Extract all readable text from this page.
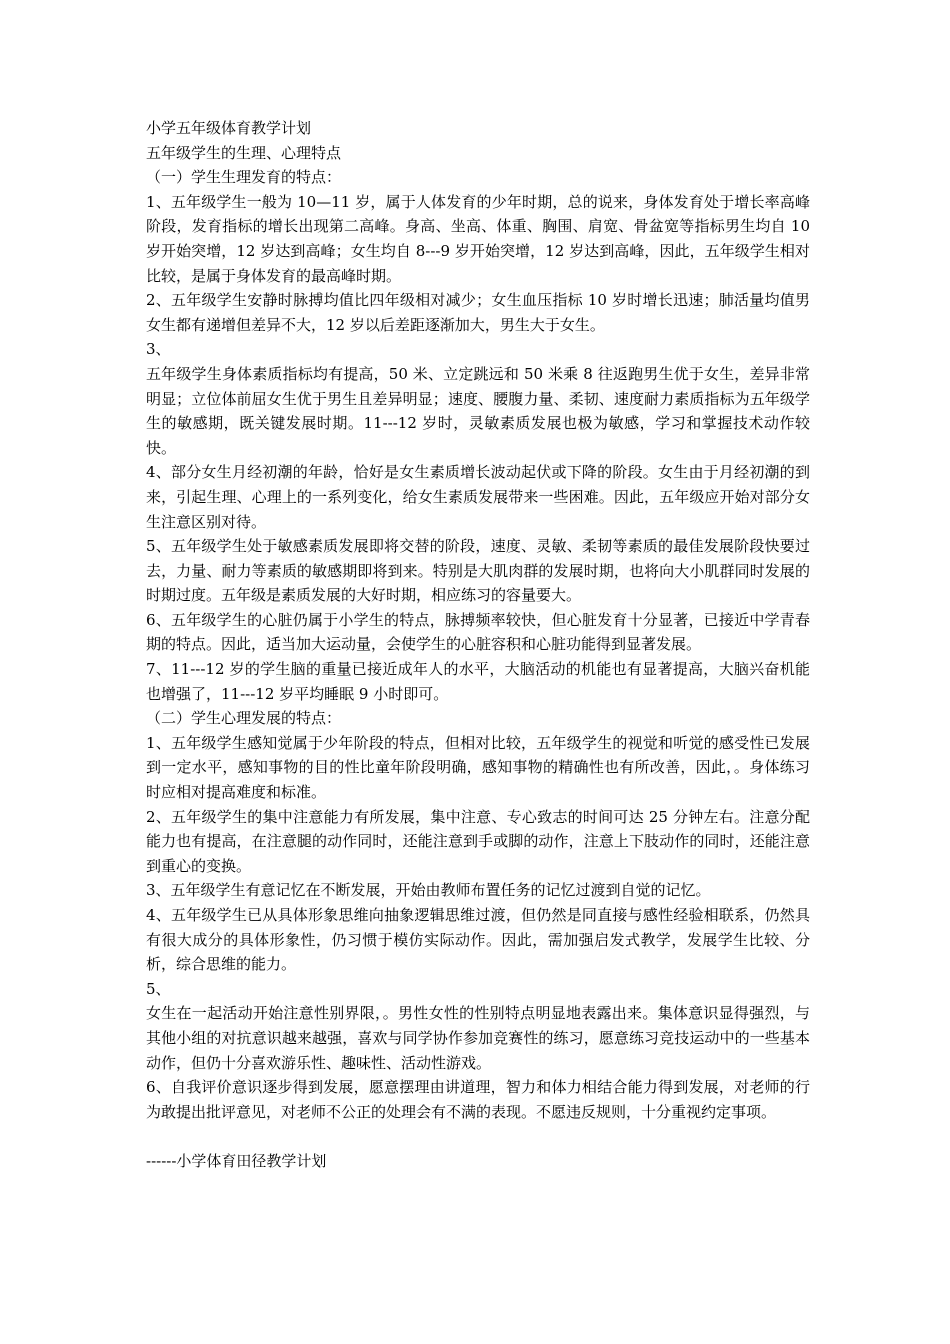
小学五年级体育教学计划

五年级学生的生理、心理特点

（一）学生生理发育的特点：

1、五年级学生一般为 10—11 岁，属于人体发育的少年时期，总的说来，身体发育处于增长率高峰阶段，发育指标的增长出现第二高峰。身高、坐高、体重、胸围、肩宽、骨盆宽等指标男生均自 10 岁开始突增，12 岁达到高峰；女生均自 8---9 岁开始突增，12 岁达到高峰，因此，五年级学生相对比较，是属于身体发育的最高峰时期。

2、五年级学生安静时脉搏均值比四年级相对减少；女生血压指标 10 岁时增长迅速；肺活量均值男女生都有递增但差异不大，12 岁以后差距逐渐加大，男生大于女生。

3、

五年级学生身体素质指标均有提高，50 米、立定跳远和 50 米乘 8 往返跑男生优于女生，差异非常明显；立位体前屈女生优于男生且差异明显；速度、腰腹力量、柔韧、速度耐力素质指标为五年级学生的敏感期，既关键发展时期。11---12 岁时，灵敏素质发展也极为敏感，学习和掌握技术动作较快。

4、部分女生月经初潮的年龄，恰好是女生素质增长波动起伏或下降的阶段。女生由于月经初潮的到来，引起生理、心理上的一系列变化，给女生素质发展带来一些困难。因此，五年级应开始对部分女生注意区别对待。

5、五年级学生处于敏感素质发展即将交替的阶段，速度、灵敏、柔韧等素质的最佳发展阶段快要过去，力量、耐力等素质的敏感期即将到来。特别是大肌肉群的发展时期，也将向大小肌群同时发展的时期过度。五年级是素质发展的大好时期，相应练习的容量要大。

6、五年级学生的心脏仍属于小学生的特点，脉搏频率较快，但心脏发育十分显著，已接近中学青春期的特点。因此，适当加大运动量，会使学生的心脏容积和心脏功能得到显著发展。

7、11---12 岁的学生脑的重量已接近成年人的水平，大脑活动的机能也有显著提高，大脑兴奋机能也增强了，11---12 岁平均睡眠 9 小时即可。

（二）学生心理发展的特点：

1、五年级学生感知觉属于少年阶段的特点，但相对比较，五年级学生的视觉和听觉的感受性已发展到一定水平，感知事物的目的性比童年阶段明确，感知事物的精确性也有所改善，因此，。身体练习时应相对提高难度和标准。

2、五年级学生的集中注意能力有所发展，集中注意、专心致志的时间可达 25 分钟左右。注意分配能力也有提高，在注意腿的动作同时，还能注意到手或脚的动作，注意上下肢动作的同时，还能注意到重心的变换。

3、五年级学生有意记忆在不断发展，开始由教师布置任务的记忆过渡到自觉的记忆。

4、五年级学生已从具体形象思维向抽象逻辑思维过渡，但仍然是同直接与感性经验相联系，仍然具有很大成分的具体形象性，仍习惯于模仿实际动作。因此，需加强启发式教学，发展学生比较、分析，综合思维的能力。

5、

女生在一起活动开始注意性别界限，。男性女性的性别特点明显地表露出来。集体意识显得强烈，与其他小组的对抗意识越来越强，喜欢与同学协作参加竞赛性的练习，愿意练习竞技运动中的一些基本动作，但仍十分喜欢游乐性、趣味性、活动性游戏。

6、自我评价意识逐步得到发展，愿意摆理由讲道理，智力和体力相结合能力得到发展，对老师的行为敢提出批评意见，对老师不公正的处理会有不满的表现。不愿违反规则，十分重视约定事项。

------小学体育田径教学计划
